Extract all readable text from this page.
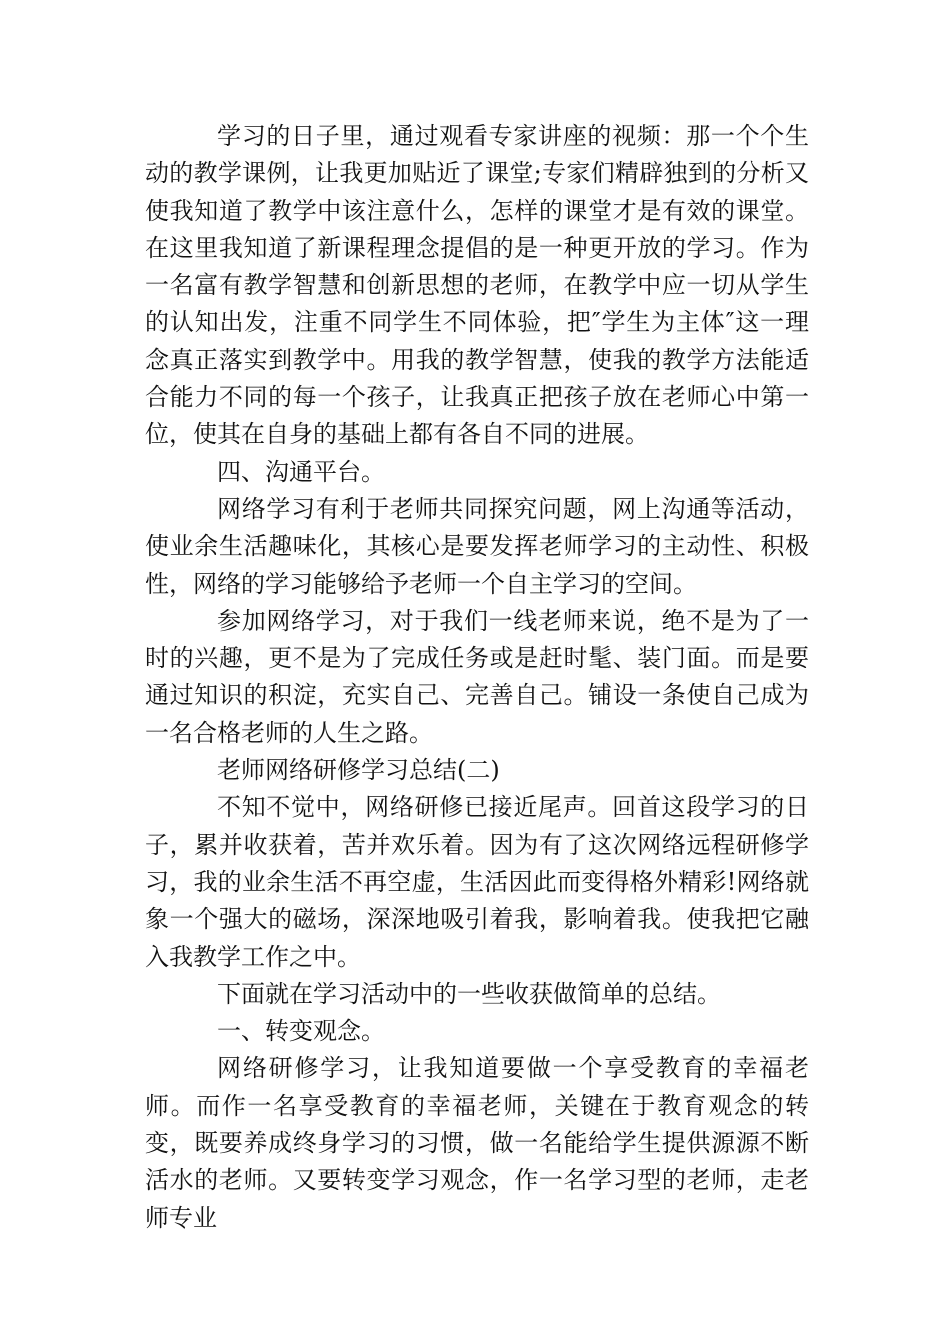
学习的日子里，通过观看专家讲座的视频：那一个个生动的教学课例，让我更加贴近了课堂;专家们精辟独到的分析又使我知道了教学中该注意什么，怎样的课堂才是有效的课堂。在这里我知道了新课程理念提倡的是一种更开放的学习。作为一名富有教学智慧和创新思想的老师，在教学中应一切从学生的认知出发，注重不同学生不同体验，把″学生为主体″这一理念真正落实到教学中。用我的教学智慧，使我的教学方法能适合能力不同的每一个孩子，让我真正把孩子放在老师心中第一位，使其在自身的基础上都有各自不同的进展。

四、沟通平台。

网络学习有利于老师共同探究问题，网上沟通等活动，使业余生活趣味化，其核心是要发挥老师学习的主动性、积极性，网络的学习能够给予老师一个自主学习的空间。

参加网络学习，对于我们一线老师来说，绝不是为了一时的兴趣，更不是为了完成任务或是赶时髦、装门面。而是要通过知识的积淀，充实自己、完善自己。铺设一条使自己成为一名合格老师的人生之路。

老师网络研修学习总结(二)

不知不觉中，网络研修已接近尾声。回首这段学习的日子，累并收获着，苦并欢乐着。因为有了这次网络远程研修学习，我的业余生活不再空虚，生活因此而变得格外精彩!网络就象一个强大的磁场，深深地吸引着我，影响着我。使我把它融入我教学工作之中。

下面就在学习活动中的一些收获做简单的总结。

一、转变观念。

网络研修学习，让我知道要做一个享受教育的幸福老师。而作一名享受教育的幸福老师，关键在于教育观念的转变，既要养成终身学习的习惯，做一名能给学生提供源源不断活水的老师。又要转变学习观念，作一名学习型的老师，走老师专业
